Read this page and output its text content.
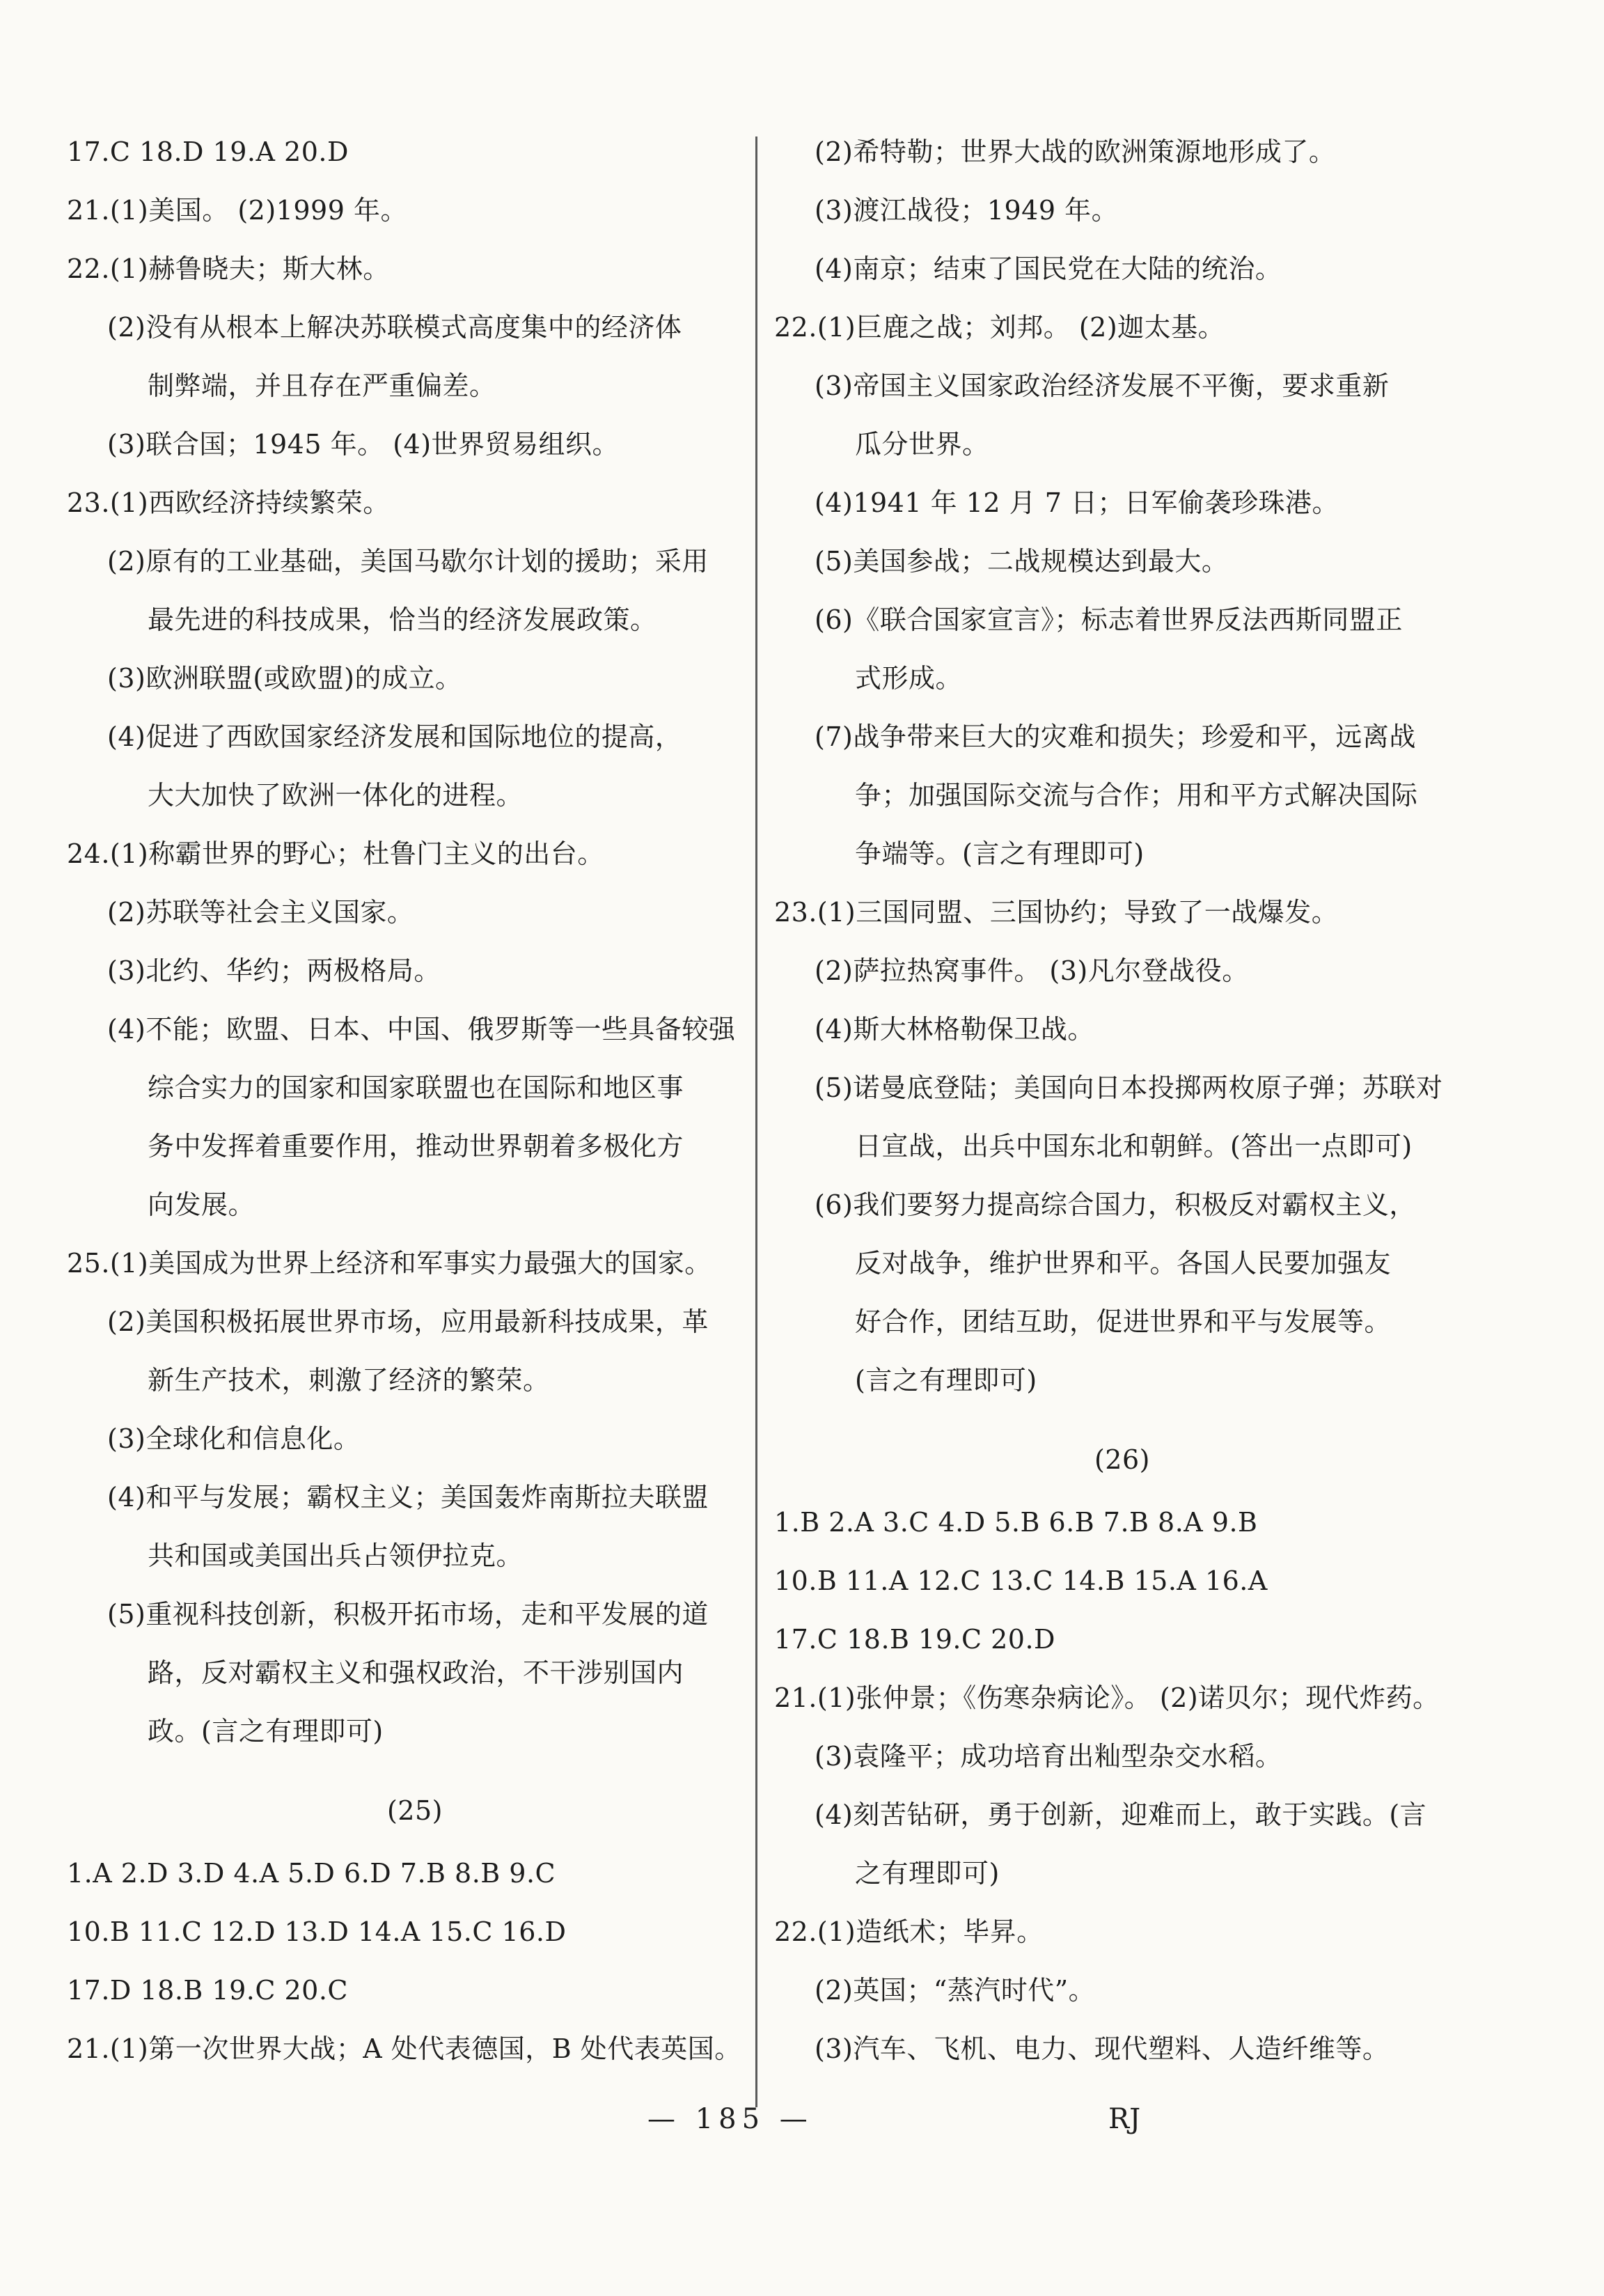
17.C 18.D 19.A 20.D
21.(1)美国。 (2)1999 年。
22.(1)赫鲁晓夫；斯大林。
(2)没有从根本上解决苏联模式高度集中的经济体
制弊端，并且存在严重偏差。
(3)联合国；1945 年。 (4)世界贸易组织。
23.(1)西欧经济持续繁荣。
(2)原有的工业基础，美国马歇尔计划的援助；采用
最先进的科技成果，恰当的经济发展政策。
(3)欧洲联盟(或欧盟)的成立。
(4)促进了西欧国家经济发展和国际地位的提高，
大大加快了欧洲一体化的进程。
24.(1)称霸世界的野心；杜鲁门主义的出台。
(2)苏联等社会主义国家。
(3)北约、华约；两极格局。
(4)不能；欧盟、日本、中国、俄罗斯等一些具备较强
综合实力的国家和国家联盟也在国际和地区事
务中发挥着重要作用，推动世界朝着多极化方
向发展。
25.(1)美国成为世界上经济和军事实力最强大的国家。
(2)美国积极拓展世界市场，应用最新科技成果，革
新生产技术，刺激了经济的繁荣。
(3)全球化和信息化。
(4)和平与发展；霸权主义；美国轰炸南斯拉夫联盟
共和国或美国出兵占领伊拉克。
(5)重视科技创新，积极开拓市场，走和平发展的道
路，反对霸权主义和强权政治，不干涉别国内
政。(言之有理即可)
(25)
1.A 2.D 3.D 4.A 5.D 6.D 7.B 8.B 9.C
10.B 11.C 12.D 13.D 14.A 15.C 16.D
17.D 18.B 19.C 20.C
21.(1)第一次世界大战；A 处代表德国，B 处代表英国。
(2)希特勒；世界大战的欧洲策源地形成了。
(3)渡江战役；1949 年。
(4)南京；结束了国民党在大陆的统治。
22.(1)巨鹿之战；刘邦。 (2)迦太基。
(3)帝国主义国家政治经济发展不平衡，要求重新
瓜分世界。
(4)1941 年 12 月 7 日；日军偷袭珍珠港。
(5)美国参战；二战规模达到最大。
(6)《联合国家宣言》；标志着世界反法西斯同盟正
式形成。
(7)战争带来巨大的灾难和损失；珍爱和平，远离战
争；加强国际交流与合作；用和平方式解决国际
争端等。(言之有理即可)
23.(1)三国同盟、三国协约；导致了一战爆发。
(2)萨拉热窝事件。 (3)凡尔登战役。
(4)斯大林格勒保卫战。
(5)诺曼底登陆；美国向日本投掷两枚原子弹；苏联对
日宣战，出兵中国东北和朝鲜。(答出一点即可)
(6)我们要努力提高综合国力，积极反对霸权主义，
反对战争，维护世界和平。各国人民要加强友
好合作，团结互助，促进世界和平与发展等。
(言之有理即可)
(26)
1.B 2.A 3.C 4.D 5.B 6.B 7.B 8.A 9.B
10.B 11.A 12.C 13.C 14.B 15.A 16.A
17.C 18.B 19.C 20.D
21.(1)张仲景；《伤寒杂病论》。 (2)诺贝尔；现代炸药。
(3)袁隆平；成功培育出籼型杂交水稻。
(4)刻苦钻研，勇于创新，迎难而上，敢于实践。(言
之有理即可)
22.(1)造纸术；毕昇。
(2)英国；“蒸汽时代”。
(3)汽车、飞机、电力、现代塑料、人造纤维等。
— 185 —	RJ
